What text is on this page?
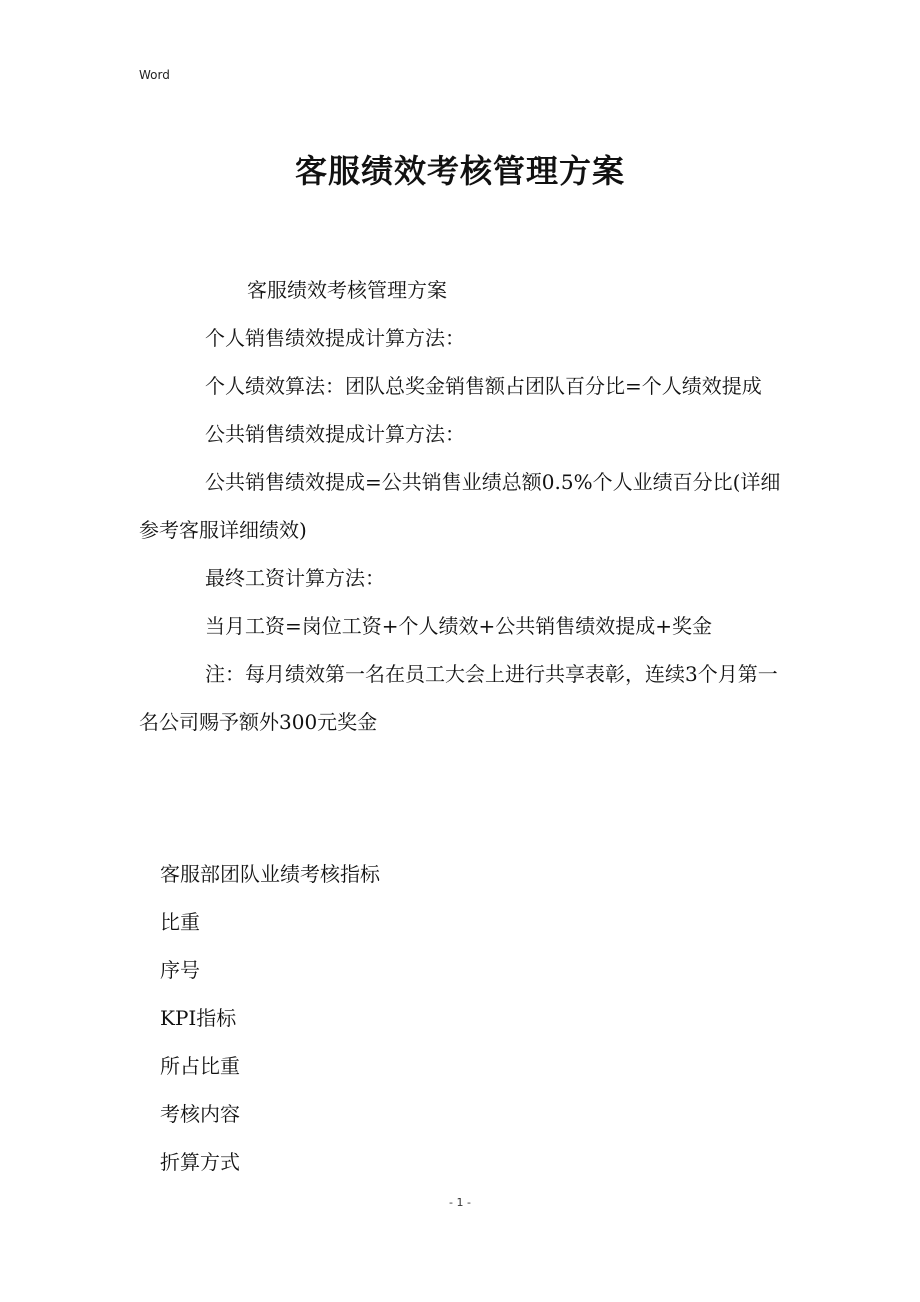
Word
客服绩效考核管理方案

客服绩效考核管理方案

个人销售绩效提成计算方法：

个人绩效算法：团队总奖金销售额占团队百分比=个人绩效提成

公共销售绩效提成计算方法：

公共销售绩效提成=公共销售业绩总额0.5%个人业绩百分比(详细参考客服详细绩效)

最终工资计算方法：

当月工资=岗位工资+个人绩效+公共销售绩效提成+奖金

注：每月绩效第一名在员工大会上进行共享表彰，连续3个月第一名公司赐予额外300元奖金

客服部团队业绩考核指标
比重
序号
KPI指标
所占比重
考核内容
折算方式
- 1 -
